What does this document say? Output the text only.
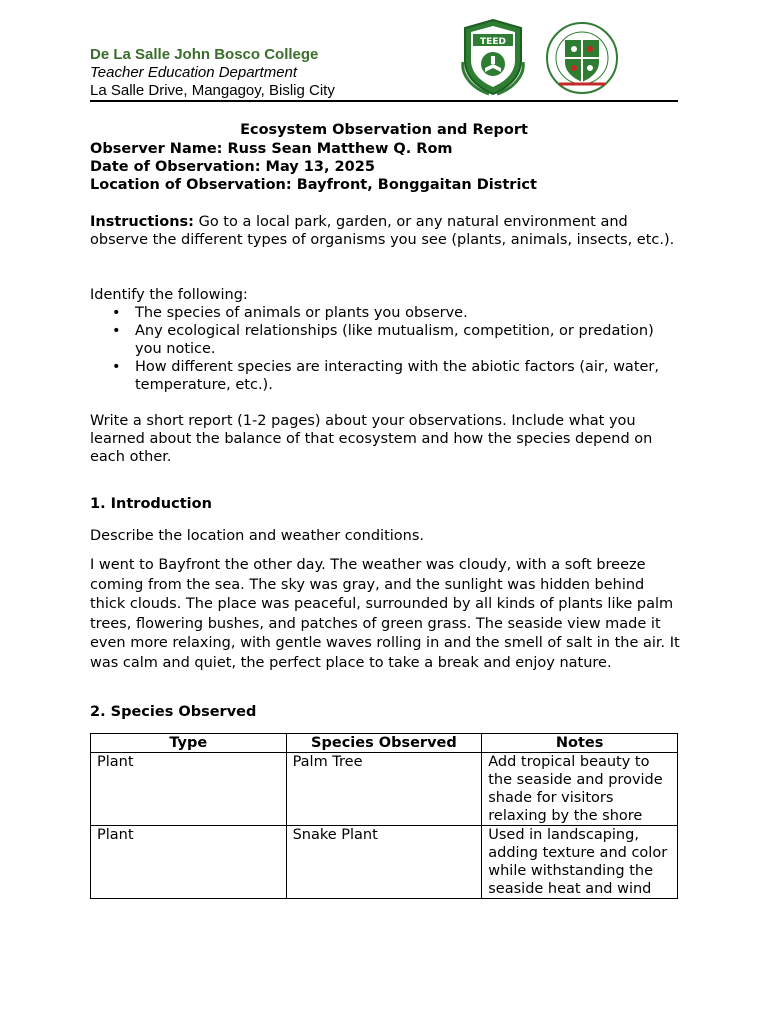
De La Salle John Bosco College
Teacher Education Department
La Salle Drive, Mangagoy, Bislig City
TEED
Ecosystem Observation and Report
Observer Name: Russ Sean Matthew Q. Rom
Date of Observation: May 13, 2025
Location of Observation: Bayfront, Bonggaitan District
Instructions: Go to a local park, garden, or any natural environment and observe the different types of organisms you see (plants, animals, insects, etc.).
Identify the following:
• The species of animals or plants you observe.
• Any ecological relationships (like mutualism, competition, or predation) you notice.
• How different species are interacting with the abiotic factors (air, water, temperature, etc.).
Write a short report (1-2 pages) about your observations. Include what you learned about the balance of that ecosystem and how the species depend on each other.
1. Introduction
Describe the location and weather conditions.
I went to Bayfront the other day. The weather was cloudy, with a soft breeze coming from the sea. The sky was gray, and the sunlight was hidden behind thick clouds. The place was peaceful, surrounded by all kinds of plants like palm trees, flowering bushes, and patches of green grass. The seaside view made it even more relaxing, with gentle waves rolling in and the smell of salt in the air. It was calm and quiet, the perfect place to take a break and enjoy nature.
2. Species Observed
Type	Species Observed	Notes
Plant	Palm Tree	Add tropical beauty to the seaside and provide shade for visitors relaxing by the shore
Plant	Snake Plant	Used in landscaping, adding texture and color while withstanding the seaside heat and wind
